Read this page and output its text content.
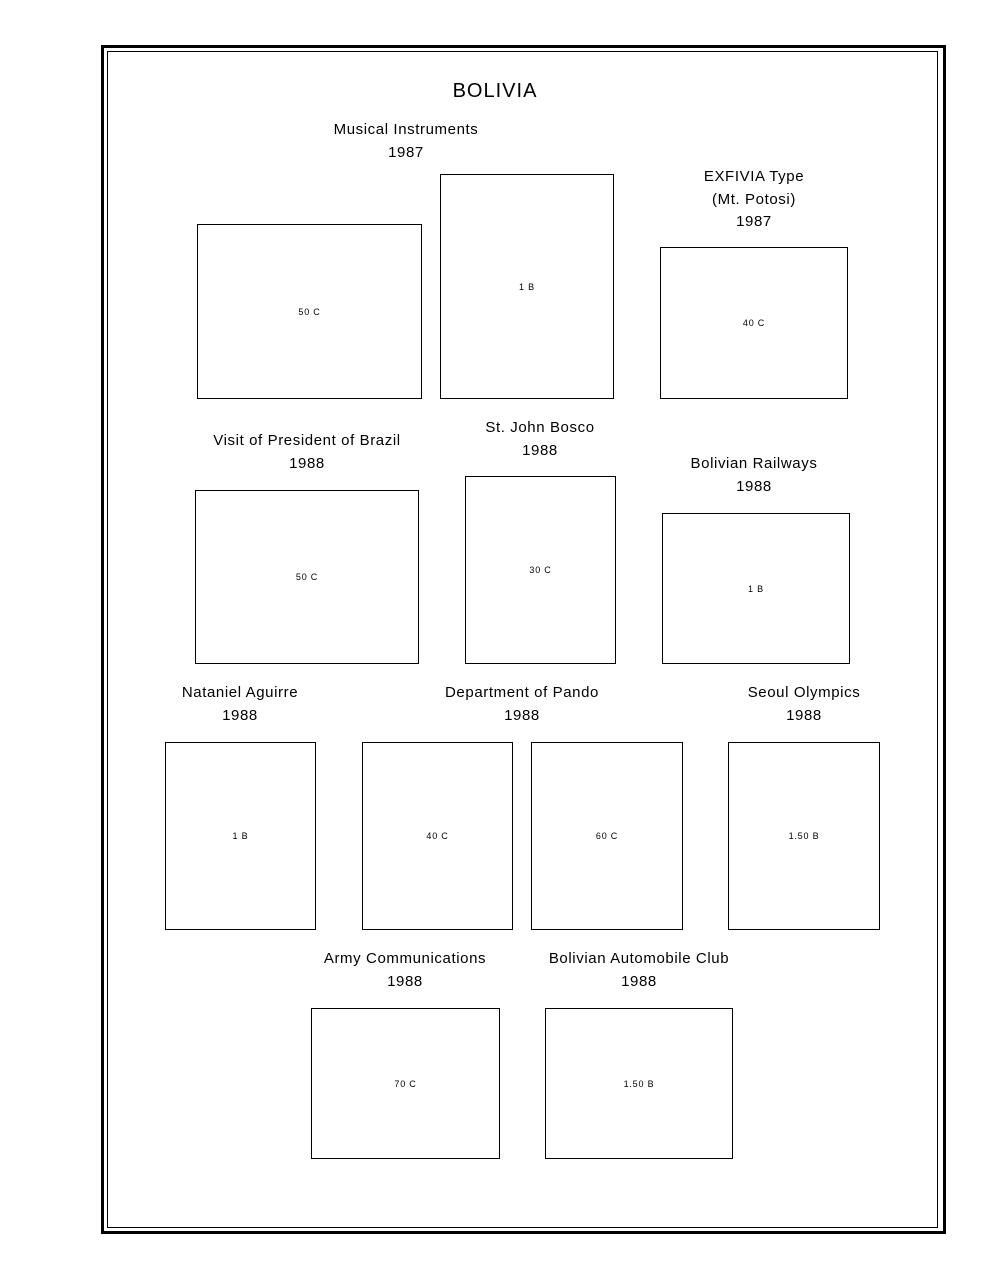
BOLIVIA
Musical Instruments
1987
EXFIVIA Type
(Mt. Potosi)
1987
Visit of President of Brazil
1988
St. John Bosco
1988
Bolivian Railways
1988
Nataniel Aguirre
1988
Department of Pando
1988
Seoul Olympics
1988
Army Communications
1988
Bolivian Automobile Club
1988
50 C
1 B
40 C
50 C
30 C
1 B
1 B	40 C	60 C	1.50 B
70 C	1.50 B
